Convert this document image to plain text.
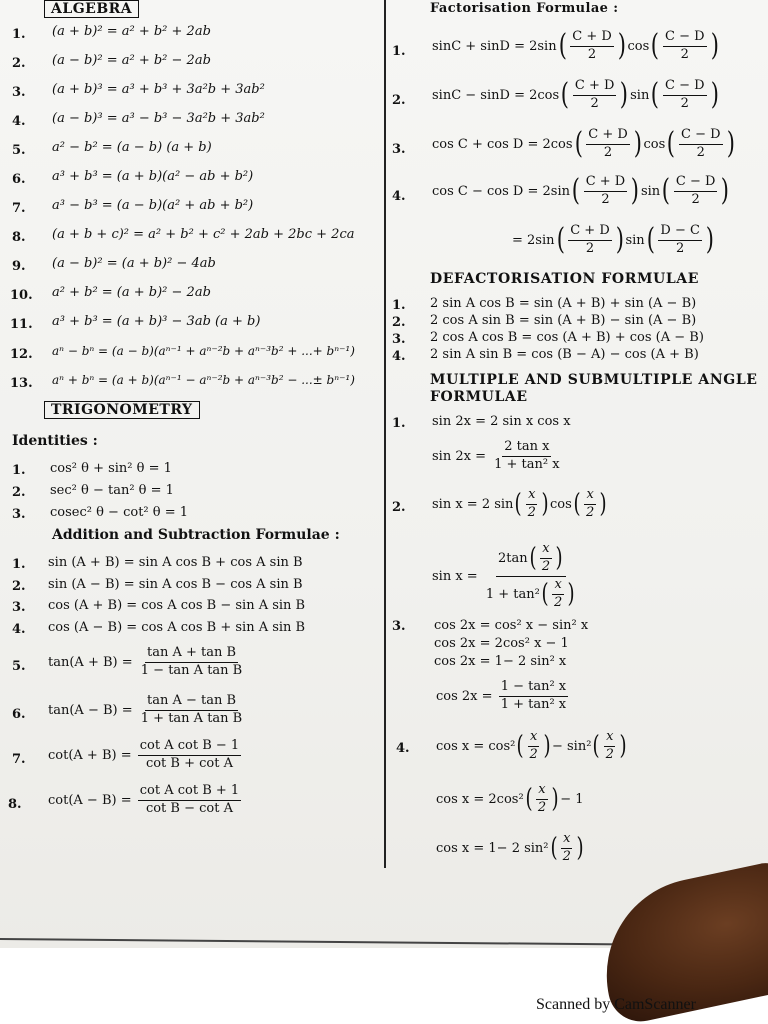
ALGEBRA
1. (a + b)² = a² + b² + 2ab
2. (a − b)² = a² + b² − 2ab
3. (a + b)³ = a³ + b³ + 3a²b + 3ab²
4. (a − b)³ = a³ − b³ − 3a²b + 3ab²
5. a² − b² = (a − b) (a + b)
6. a³ + b³ = (a + b)(a² − ab + b²)
7. a³ − b³ = (a − b)(a² + ab + b²)
8. (a + b + c)² = a² + b² + c² + 2ab + 2bc + 2ca
9. (a − b)² = (a + b)² − 4ab
10. a² + b² = (a + b)² − 2ab
11. a³ + b³ = (a + b)³ − 3ab (a + b)
12. aⁿ − bⁿ = (a − b)(aⁿ⁻¹ + aⁿ⁻²b + aⁿ⁻³b² + ...+ bⁿ⁻¹)
13. aⁿ + bⁿ = (a + b)(aⁿ⁻¹ − aⁿ⁻²b + aⁿ⁻³b² − ...± bⁿ⁻¹)
TRIGONOMETRY
Identities :
1. cos² θ + sin² θ = 1
2. sec² θ − tan² θ = 1
3. cosec² θ − cot² θ = 1
Addition and Subtraction Formulae :
1. sin (A + B) = sin A cos B + cos A sin B
2. sin (A − B) = sin A cos B − cos A sin B
3. cos (A + B) = cos A cos B − sin A sin B
4. cos (A − B) = cos A cos B + sin A sin B
5. $\tan(A + B) = \frac{\text{tan A + tan B}}{\text{1 − tan A tan B}}$
6. $\tan(A - B) = \frac{\text{tan A − tan B}}{\text{1 + tan A tan B}}$
7. $\cot(A + B) = \frac{\text{cot A cot B − 1}}{\text{cot B + cot A}}$
8. $\cot(A - B) = \frac{\text{cot A cot B + 1}}{\text{cot B − cot A}}$
Factorisation Formulae :
1. $\sin C + \sin D = 2\sin( \frac{C + D}{2}$ ) $\cos( \frac{C - D}{2}$ )
2. $\sin C - \sin D = 2\cos( \frac{C + D}{2}$ ) $\sin( \frac{C - D}{2}$ )
3. $\cos C + \cos D = 2\cos( \frac{C + D}{2}$ ) $\cos( \frac{C - D}{2}$ )
4. $\cos C - \cos D = 2\sin( \frac{C + D}{2}$ ) $\sin( \frac{C - D}{2}$ )
= $2\sin( \frac{C + D}{2}$ ) $\sin( \frac{D - C}{2}$ )
DEFACTORISATION FORMULAE
1. 2 sin A cos B = sin (A + B) + sin (A − B)
2. 2 cos A sin B = sin (A + B) − sin (A − B)
3. 2 cos A cos B = cos (A + B) + cos (A − B)
4. 2 sin A sin B = cos (B − A) − cos (A + B)
MULTIPLE AND SUBMULTIPLE ANGLE
FORMULAE
1. sin 2x = 2 sin x cos x
$\sin 2x = \frac{\text{2 tan x}}{\text{1 + tan² x}}$
2. sin x = 2 $\sin( \frac{x}{2}$ ) $\cos( \frac{x}{2}$ )
$\sin x = \frac{2\tan( \frac{x}{2} )}{1 + \tan^2( \frac{x}{2} )}$
3. cos 2x = cos² x − sin² x
cos 2x = 2cos² x − 1
cos 2x = 1− 2 sin² x
$\cos 2x = \frac{\text{1 − tan² x}}{\text{1 + tan² x}}$
4. $\cos x = \cos^2( \frac{x}{2}$ ) − $\sin^2( \frac{x}{2}$ )
$\cos x = 2\cos^2( \frac{x}{2}$ ) − 1
cos x = 1− 2 $\sin^2( \frac{x}{2}$ )
Scanned by CamScanner
